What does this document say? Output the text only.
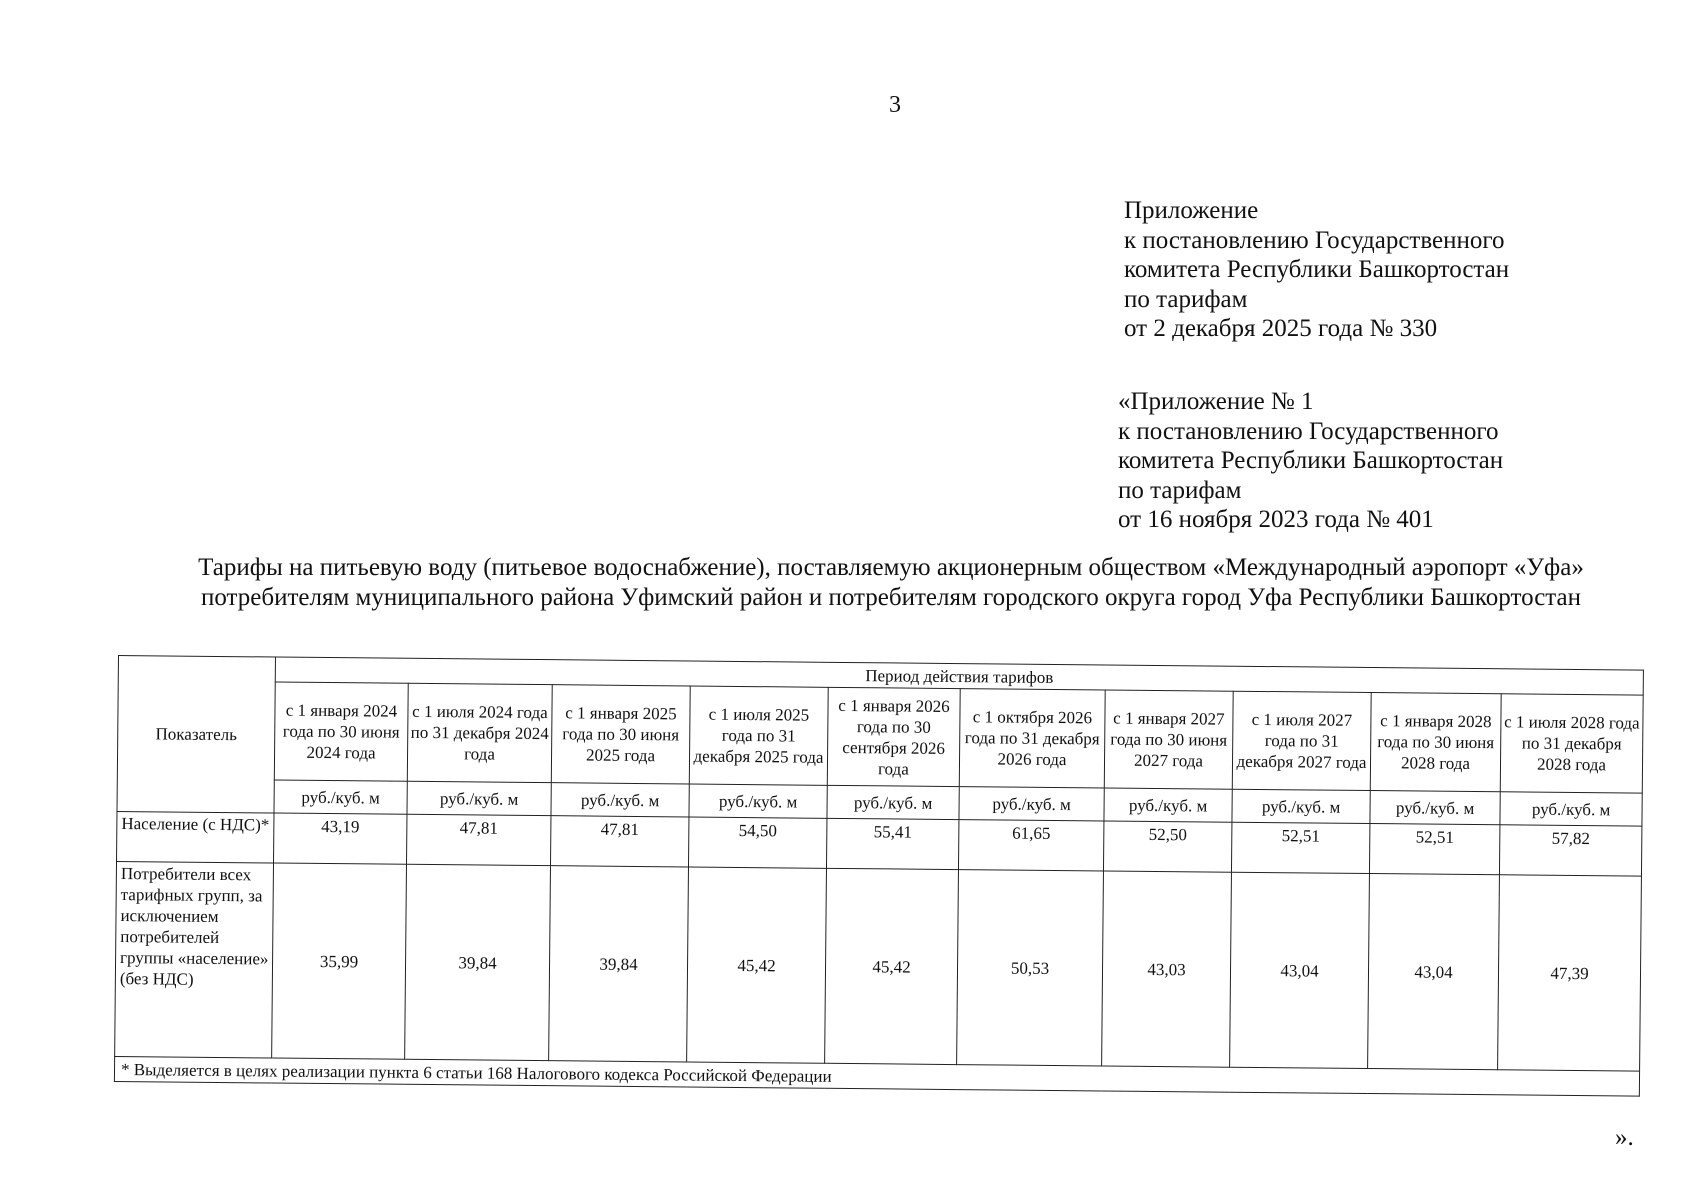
3
Приложение
к постановлению Государственного
комитета Республики Башкортостан
по тарифам
от 2 декабря 2025 года № 330
«Приложение № 1
к постановлению Государственного
комитета Республики Башкортостан
по тарифам
от 16 ноября 2023 года № 401
Тарифы на питьевую воду (питьевое водоснабжение), поставляемую акционерным обществом «Международный аэропорт «Уфа» потребителям муниципального района Уфимский район и потребителям городского округа город Уфа Республики Башкортостан
Показатель	Период действия тарифов									
	с 1 января 2024 года по 30 июня 2024 года	с 1 июля 2024 года по 31 декабря 2024 года	с 1 января 2025 года по 30 июня 2025 года	с 1 июля 2025 года по 31 декабря 2025 года	с 1 января 2026 года по 30 сентября 2026 года	с 1 октября 2026 года по 31 декабря 2026 года	с 1 января 2027 года по 30 июня 2027 года	с 1 июля 2027 года по 31 декабря 2027 года	с 1 января 2028 года по 30 июня 2028 года	с 1 июля 2028 года по 31 декабря 2028 года
	руб./куб. м	руб./куб. м	руб./куб. м	руб./куб. м	руб./куб. м	руб./куб. м	руб./куб. м	руб./куб. м	руб./куб. м	руб./куб. м
Население (с НДС)*	43,19	47,81	47,81	54,50	55,41	61,65	52,50	52,51	52,51	57,82
Потребители всех тарифных групп, за исключением потребителей группы «население» (без НДС)	35,99	39,84	39,84	45,42	45,42	50,53	43,03	43,04	43,04	47,39
* Выделяется в целях реализации пункта 6 статьи 168 Налогового кодекса Российской Федерации										
».
